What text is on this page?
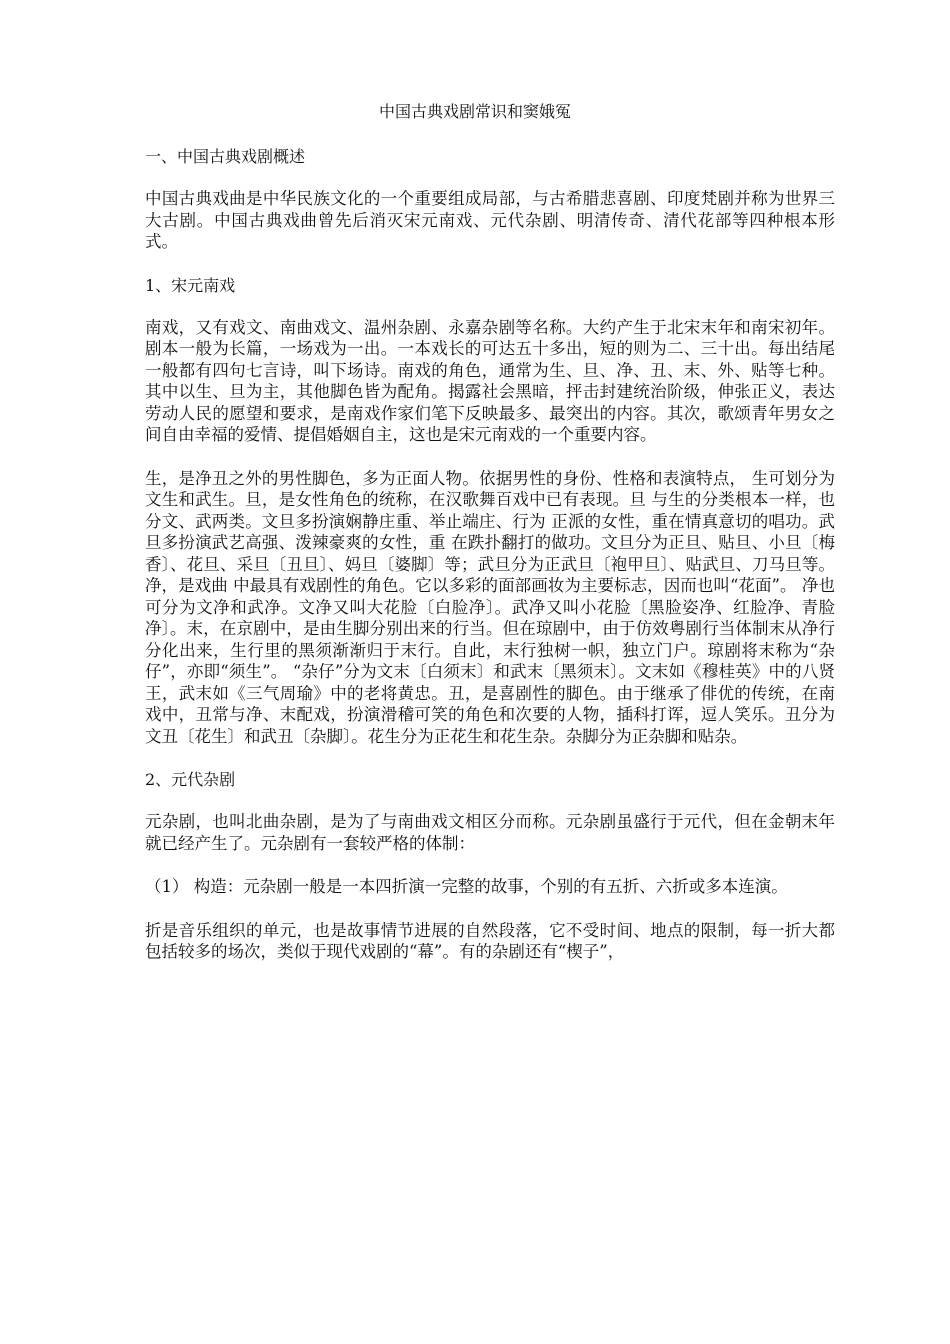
中国古典戏剧常识和窦娥冤

一、中国古典戏剧概述

中国古典戏曲是中华民族文化的一个重要组成局部，与古希腊悲喜剧、印度梵剧并称为世界三大古剧。中国古典戏曲曾先后消灭宋元南戏、元代杂剧、明清传奇、清代花部等四种根本形式。

1、宋元南戏

南戏，又有戏文、南曲戏文、温州杂剧、永嘉杂剧等名称。大约产生于北宋末年和南宋初年。剧本一般为长篇，一场戏为一出。一本戏长的可达五十多出，短的则为二、三十出。每出结尾一般都有四句七言诗，叫下场诗。南戏的角色，通常为生、旦、净、丑、末、外、贴等七种。其中以生、旦为主，其他脚色皆为配角。揭露社会黑暗，抨击封建统治阶级，伸张正义，表达劳动人民的愿望和要求，是南戏作家们笔下反映最多、最突出的内容。其次，歌颂青年男女之间自由幸福的爱情、提倡婚姻自主，这也是宋元南戏的一个重要内容。

生，是净丑之外的男性脚色，多为正面人物。依据男性的身份、性格和表演特点， 生可划分为文生和武生。旦，是女性角色的统称，在汉歌舞百戏中已有表现。旦 与生的分类根本一样，也分文、武两类。文旦多扮演娴静庄重、举止端庄、行为 正派的女性，重在情真意切的唱功。武旦多扮演武艺高强、泼辣豪爽的女性，重 在跌扑翻打的做功。文旦分为正旦、贴旦、小旦〔梅香〕、花旦、采旦〔丑旦〕、妈旦〔婆脚〕等；武旦分为正武旦〔袍甲旦〕、贴武旦、刀马旦等。净，是戏曲 中最具有戏剧性的角色。它以多彩的面部画妆为主要标志，因而也叫“花面”。 净也可分为文净和武净。文净又叫大花脸〔白脸净〕。武净又叫小花脸〔黑脸姿净、红脸净、青脸净〕。末，在京剧中，是由生脚分别出来的行当。但在琼剧中，由于仿效粤剧行当体制末从净行分化出来，生行里的黑须渐渐归于末行。自此，末行独树一帜，独立门户。琼剧将末称为“杂仔”，亦即“须生”。 “杂仔”分为文末〔白须末〕和武末〔黑须末〕。文末如《穆桂英》中的八贤王，武末如《三气周瑜》中的老将黄忠。丑，是喜剧性的脚色。由于继承了俳优的传统，在南戏中，丑常与净、末配戏，扮演滑稽可笑的角色和次要的人物，插科打诨，逗人笑乐。丑分为文丑〔花生〕和武丑〔杂脚〕。花生分为正花生和花生杂。杂脚分为正杂脚和贴杂。

2、元代杂剧

元杂剧，也叫北曲杂剧，是为了与南曲戏文相区分而称。元杂剧虽盛行于元代，但在金朝末年就已经产生了。元杂剧有一套较严格的体制：

（1） 构造：元杂剧一般是一本四折演一完整的故事，个别的有五折、六折或多本连演。

折是音乐组织的单元，也是故事情节进展的自然段落，它不受时间、地点的限制，每一折大都包括较多的场次，类似于现代戏剧的“幕”。有的杂剧还有“楔子”，
